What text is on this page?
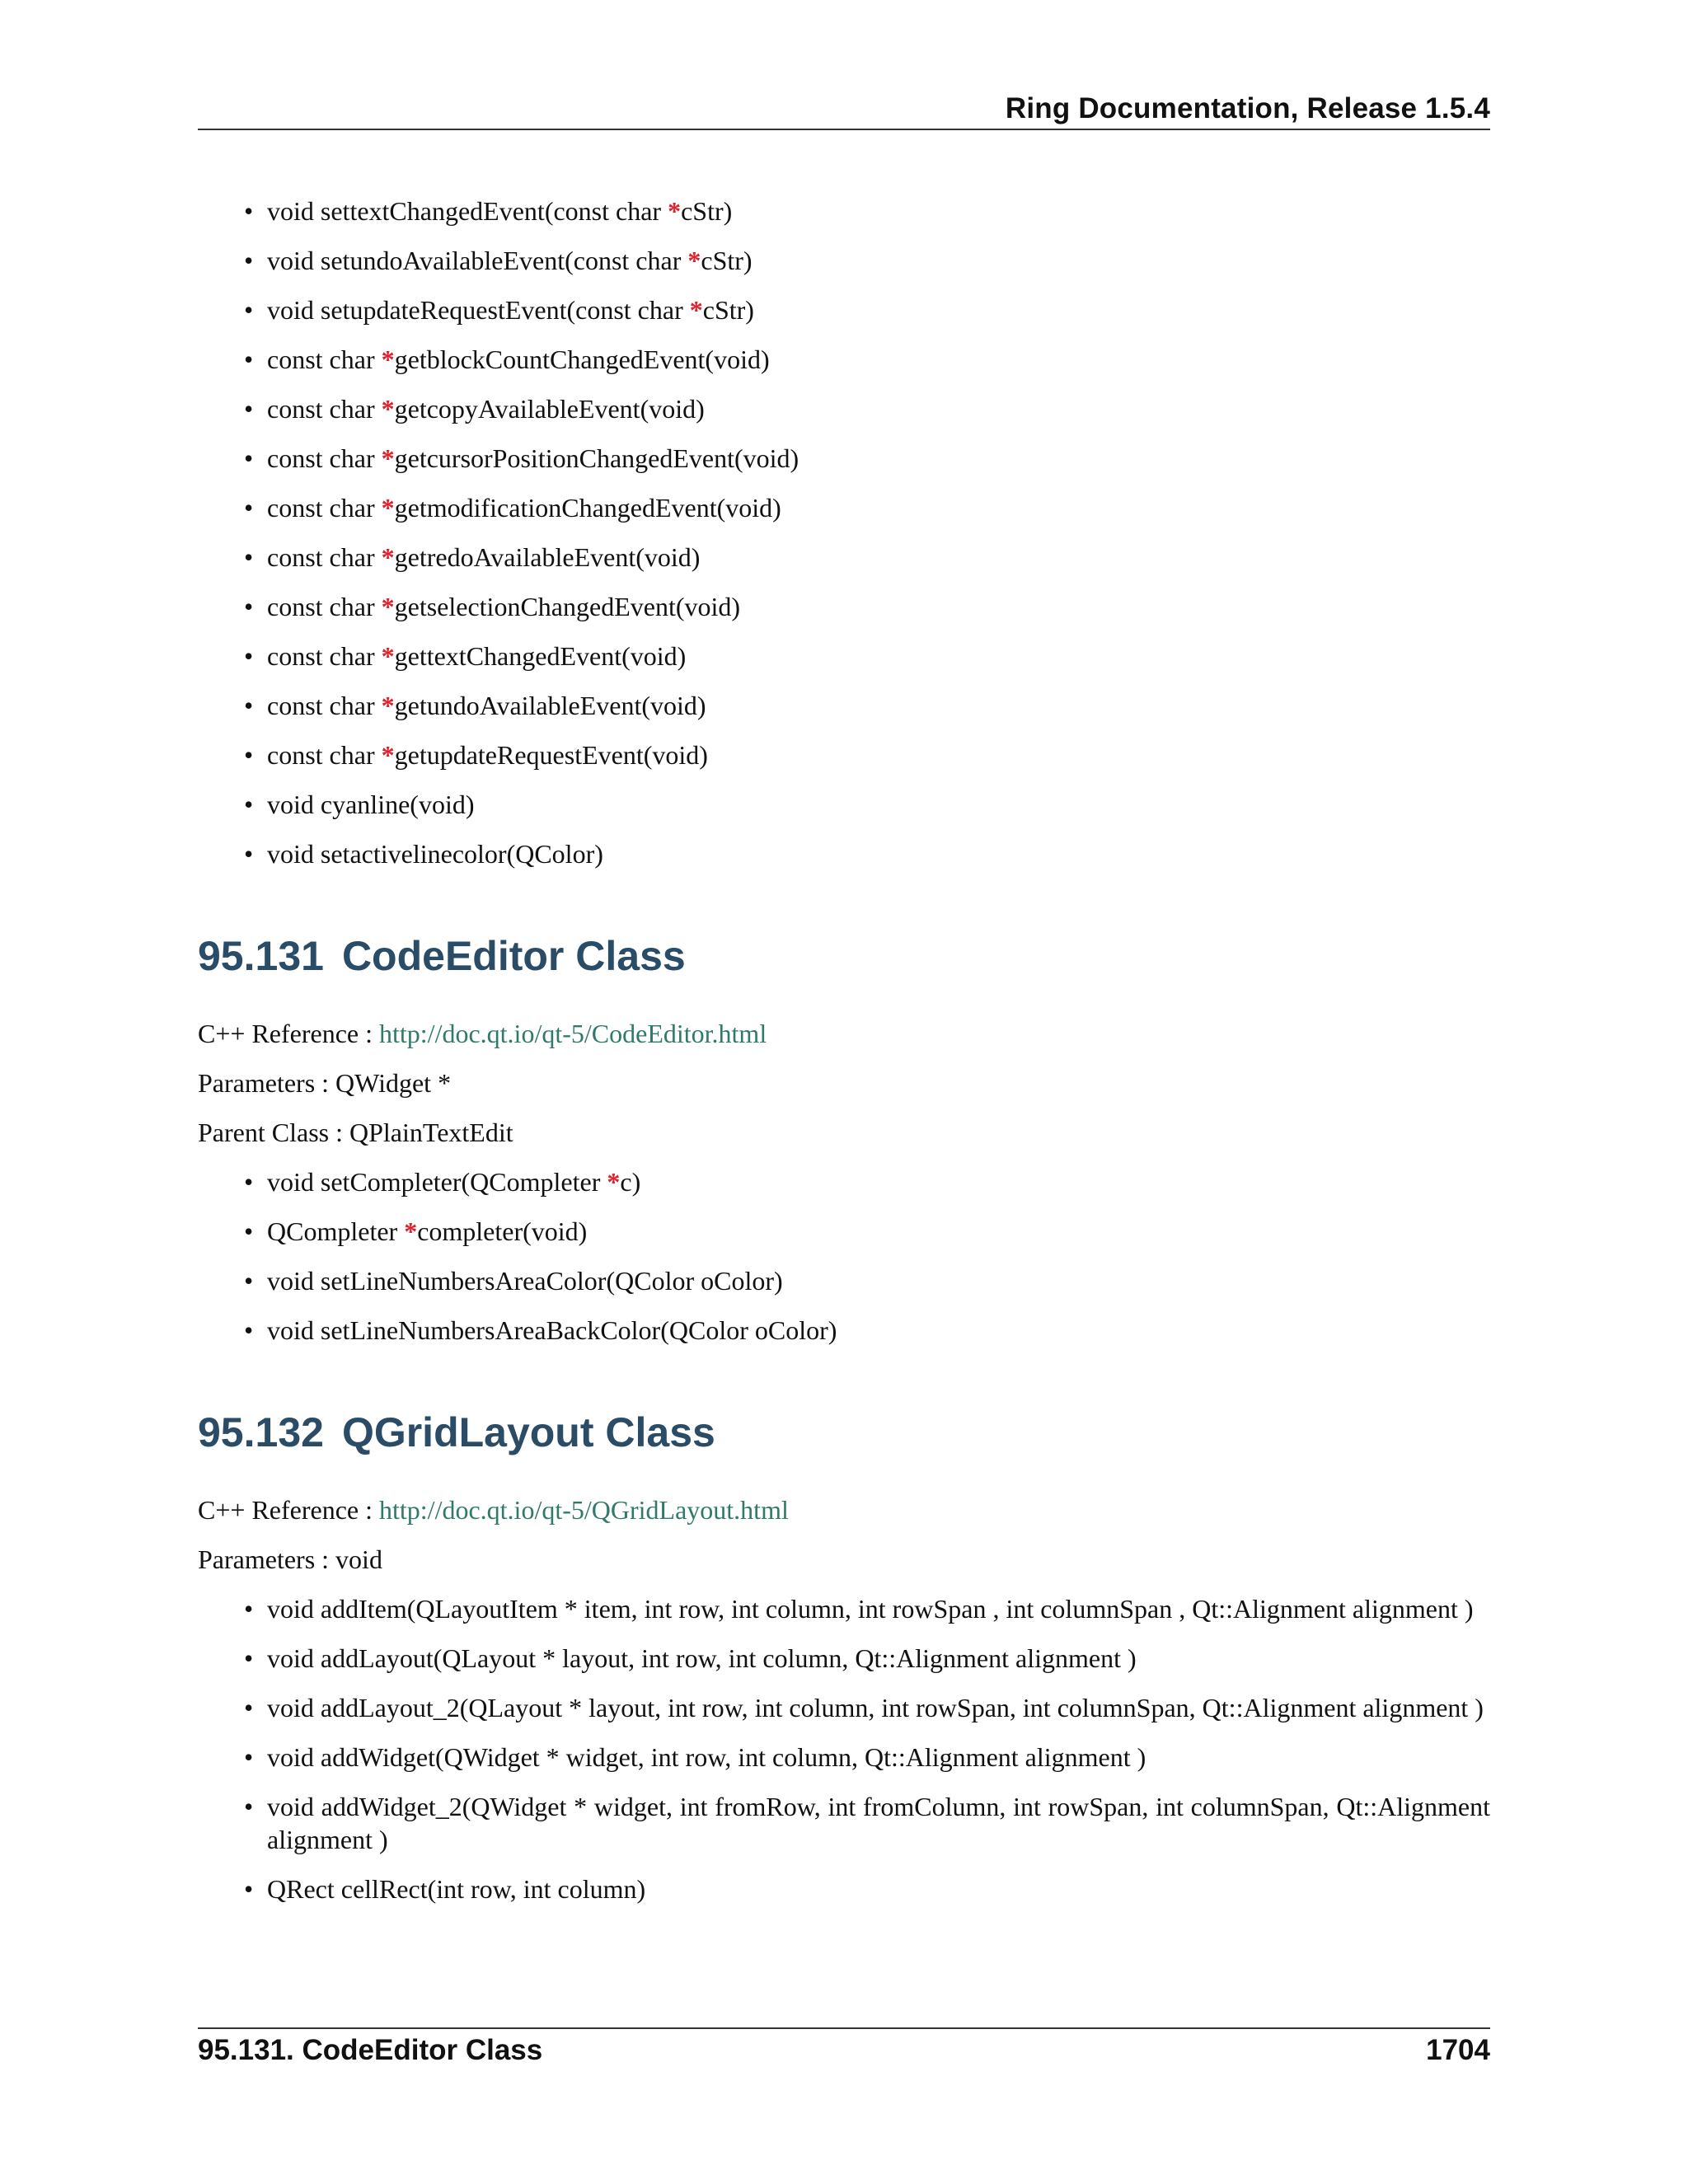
Ring Documentation, Release 1.5.4
• void settextChangedEvent(const char *cStr)
• void setundoAvailableEvent(const char *cStr)
• void setupdateRequestEvent(const char *cStr)
• const char *getblockCountChangedEvent(void)
• const char *getcopyAvailableEvent(void)
• const char *getcursorPositionChangedEvent(void)
• const char *getmodificationChangedEvent(void)
• const char *getredoAvailableEvent(void)
• const char *getselectionChangedEvent(void)
• const char *gettextChangedEvent(void)
• const char *getundoAvailableEvent(void)
• const char *getupdateRequestEvent(void)
• void cyanline(void)
• void setactivelinecolor(QColor)
95.131 CodeEditor Class

C++ Reference : http://doc.qt.io/qt-5/CodeEditor.html

Parameters : QWidget *

Parent Class : QPlainTextEdit

• void setCompleter(QCompleter *c)
• QCompleter *completer(void)
• void setLineNumbersAreaColor(QColor oColor)
• void setLineNumbersAreaBackColor(QColor oColor)
95.132 QGridLayout Class

C++ Reference : http://doc.qt.io/qt-5/QGridLayout.html

Parameters : void

• void addItem(QLayoutItem * item, int row, int column, int rowSpan , int columnSpan , Qt::Alignment alignment )
• void addLayout(QLayout * layout, int row, int column, Qt::Alignment alignment )
• void addLayout_2(QLayout * layout, int row, int column, int rowSpan, int columnSpan, Qt::Alignment alignment )
• void addWidget(QWidget * widget, int row, int column, Qt::Alignment alignment )
• void addWidget_2(QWidget * widget, int fromRow, int fromColumn, int rowSpan, int columnSpan, Qt::Alignment alignment )
• QRect cellRect(int row, int column)
95.131. CodeEditor Class	1704
